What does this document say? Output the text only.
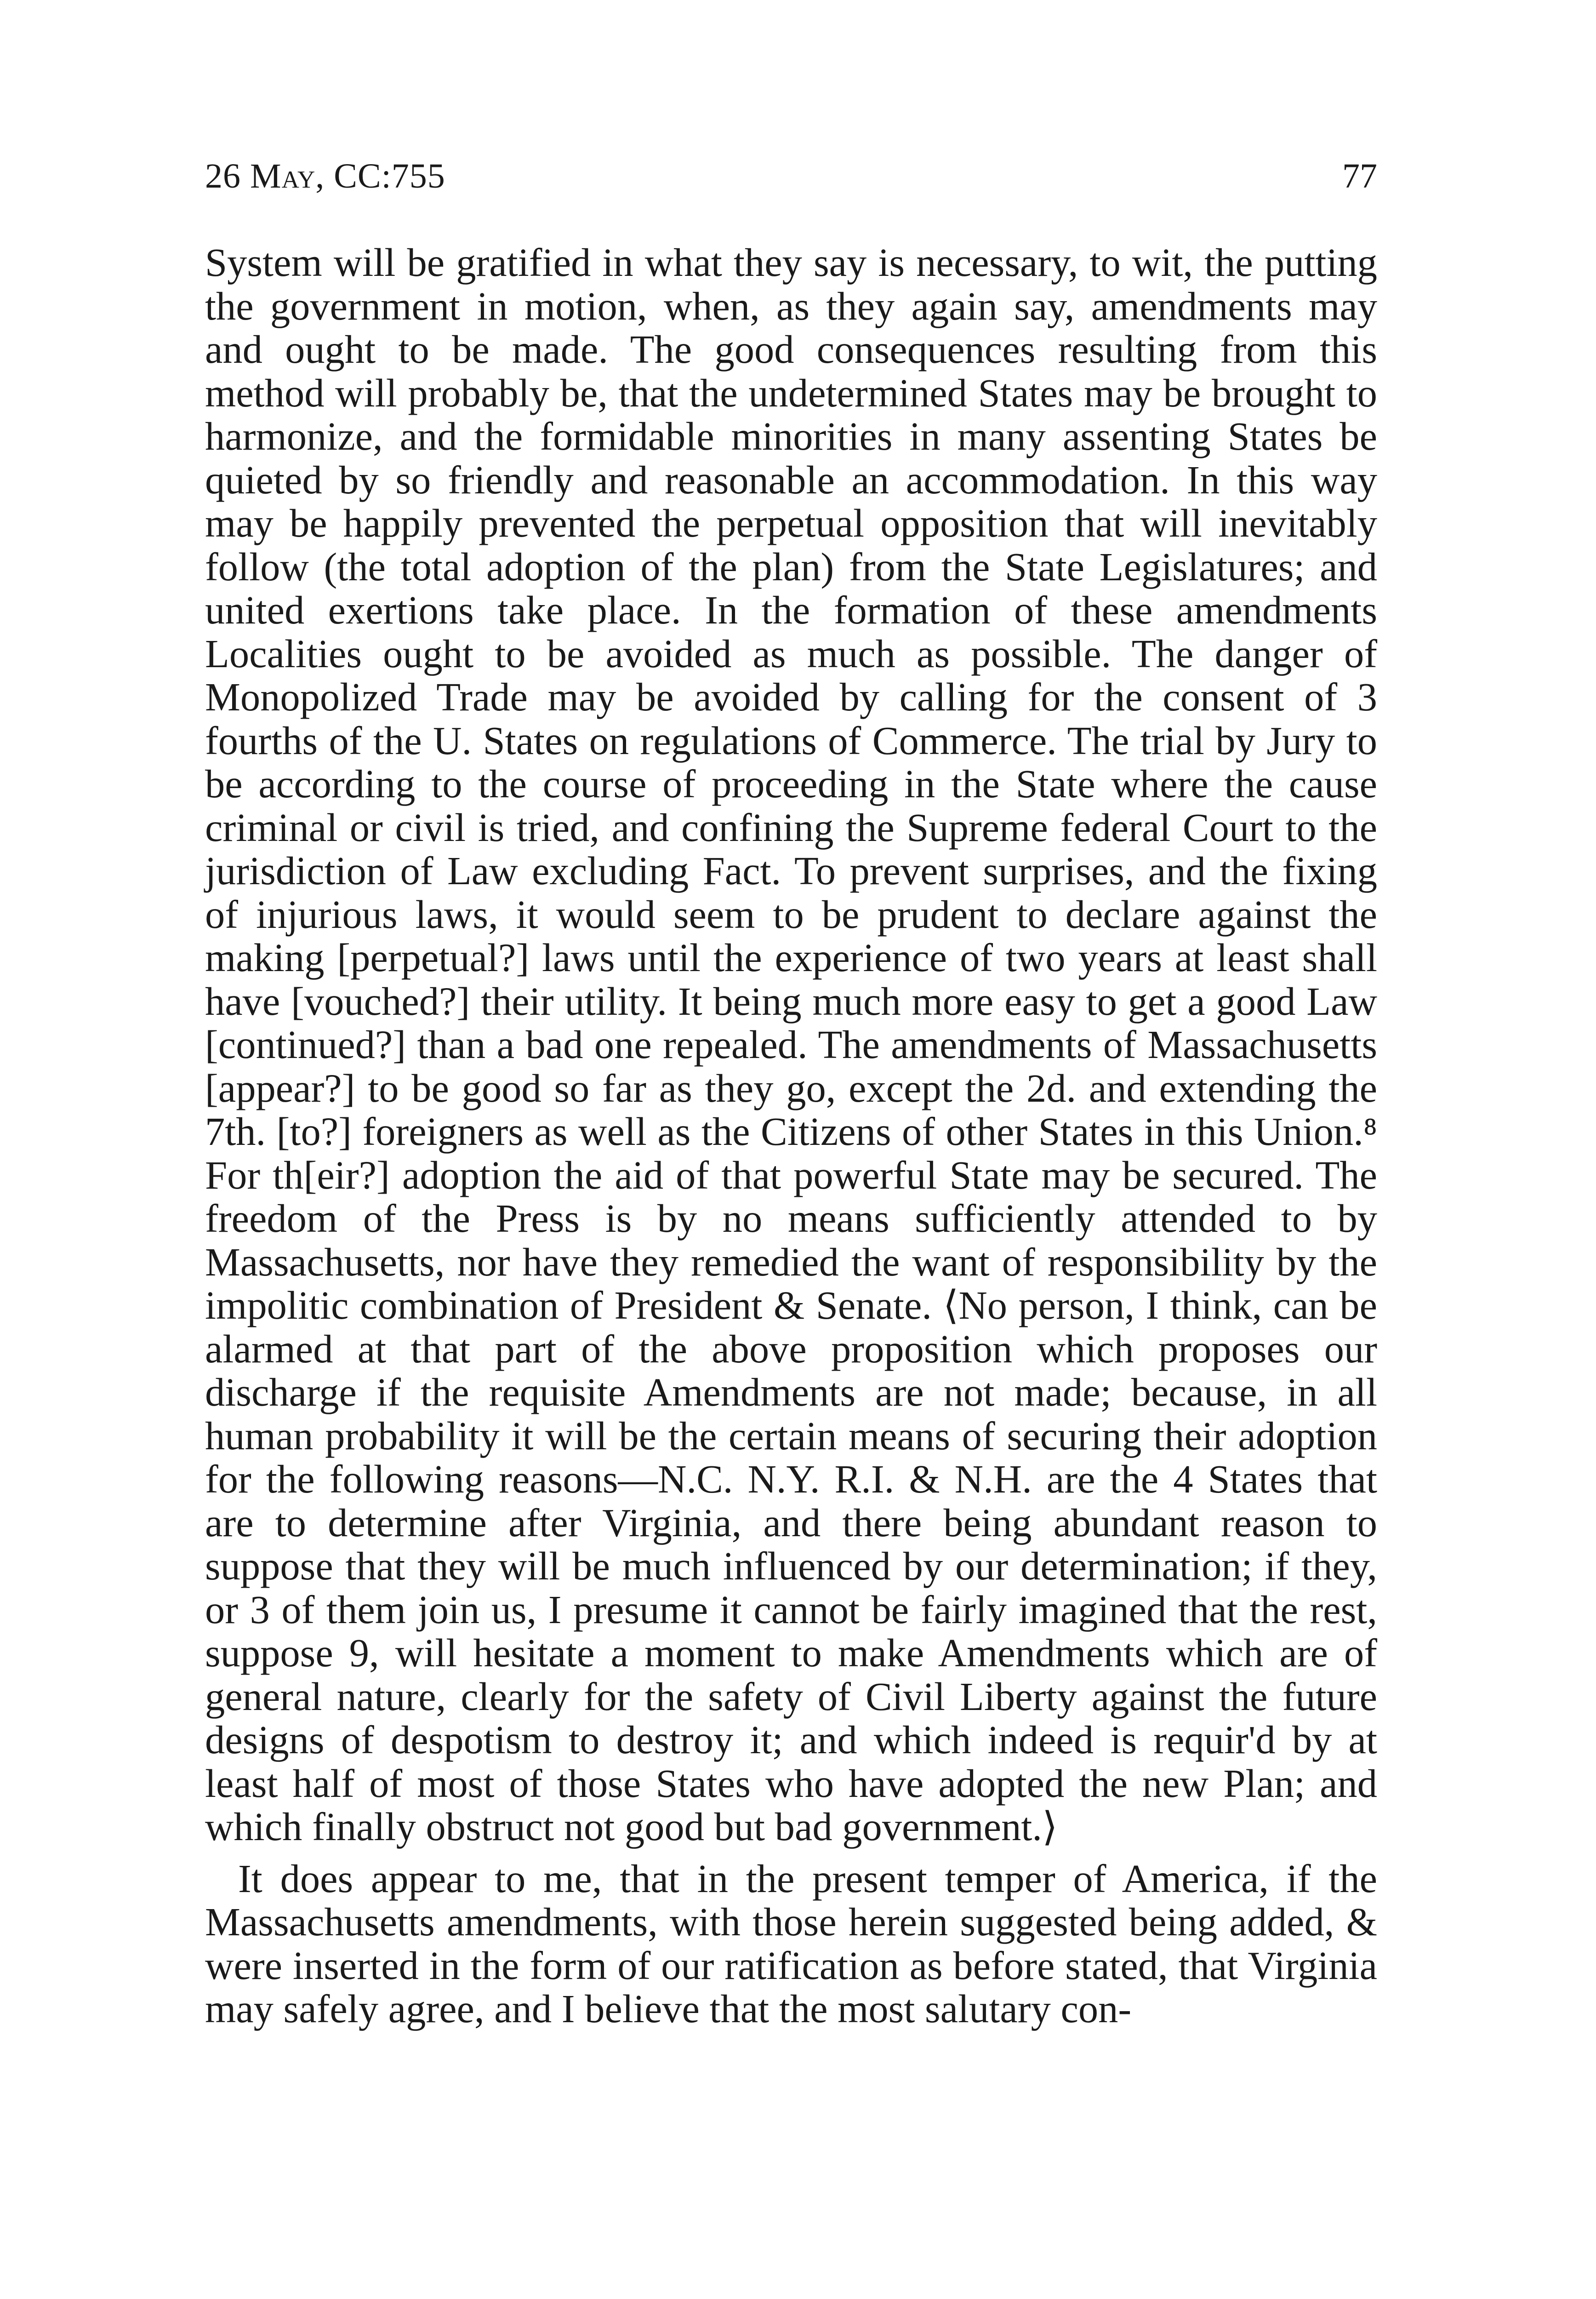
26 May, CC:755	77

System will be gratified in what they say is necessary, to wit, the putting the government in motion, when, as they again say, amendments may and ought to be made. The good consequences resulting from this method will probably be, that the undetermined States may be brought to harmonize, and the formidable minorities in many assenting States be quieted by so friendly and reasonable an accommodation. In this way may be happily prevented the perpetual opposition that will inevitably follow (the total adoption of the plan) from the State Legislatures; and united exertions take place. In the formation of these amendments Localities ought to be avoided as much as possible. The danger of Monopolized Trade may be avoided by calling for the consent of 3 fourths of the U. States on regulations of Commerce. The trial by Jury to be according to the course of proceeding in the State where the cause criminal or civil is tried, and confining the Supreme federal Court to the jurisdiction of Law excluding Fact. To prevent surprises, and the fixing of injurious laws, it would seem to be prudent to declare against the making [perpetual?] laws until the experience of two years at least shall have [vouched?] their utility. It being much more easy to get a good Law [continued?] than a bad one repealed. The amendments of Massachusetts [appear?] to be good so far as they go, except the 2d. and extending the 7th. [to?] foreigners as well as the Citizens of other States in this Union.⁸ For th[eir?] adoption the aid of that powerful State may be secured. The freedom of the Press is by no means sufficiently attended to by Massachusetts, nor have they remedied the want of responsibility by the impolitic combination of President & Senate. ⟨No person, I think, can be alarmed at that part of the above proposition which proposes our discharge if the requisite Amendments are not made; because, in all human probability it will be the certain means of securing their adoption for the following reasons—N.C. N.Y. R.I. & N.H. are the 4 States that are to determine after Virginia, and there being abundant reason to suppose that they will be much influenced by our determination; if they, or 3 of them join us, I presume it cannot be fairly imagined that the rest, suppose 9, will hesitate a moment to make Amendments which are of general nature, clearly for the safety of Civil Liberty against the future designs of despotism to destroy it; and which indeed is requir'd by at least half of most of those States who have adopted the new Plan; and which finally obstruct not good but bad government.⟩

It does appear to me, that in the present temper of America, if the Massachusetts amendments, with those herein suggested being added, & were inserted in the form of our ratification as before stated, that Virginia may safely agree, and I believe that the most salutary con-
